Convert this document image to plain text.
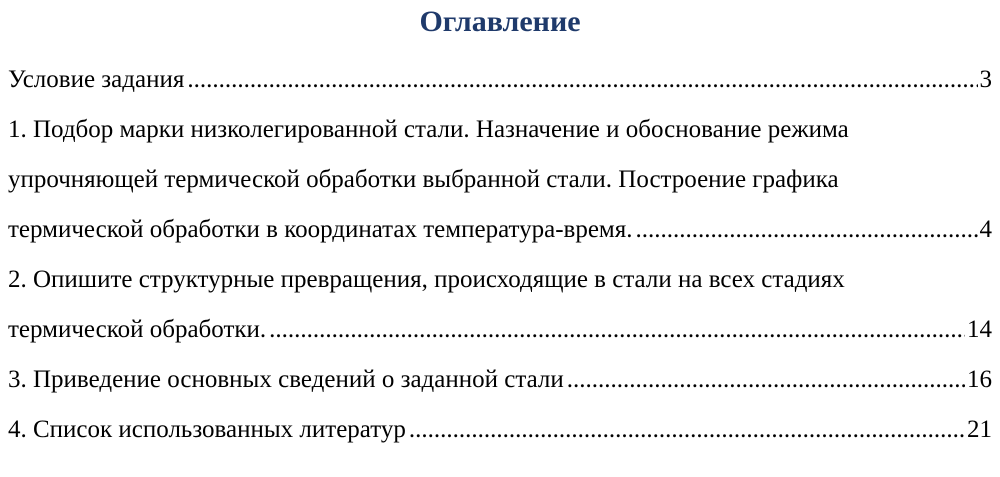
Оглавление
Условие задания .....	3
1. Подбор марки низколегированной стали. Назначение и обоснование режима
упрочняющей термической обработки выбранной стали. Построение графика
термической обработки в координатах температура-время. .....	4
2. Опишите структурные превращения, происходящие в стали на всех стадиях
термической обработки. .....	14
3. Приведение основных сведений о заданной стали .....	16
4. Список использованных литератур .....	21
